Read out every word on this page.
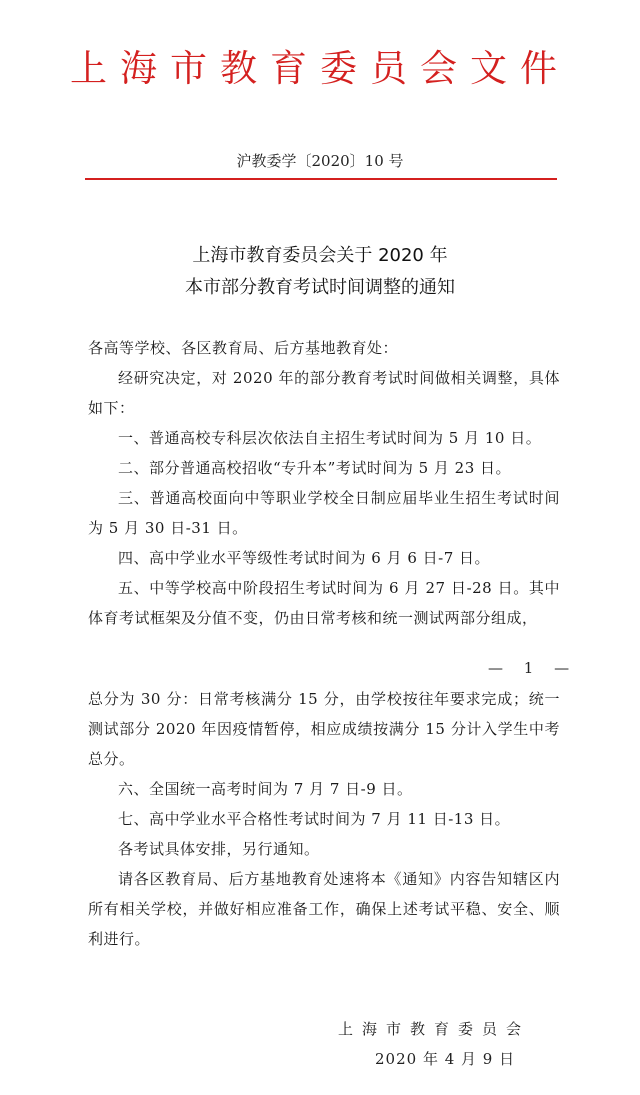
上海市教育委员会文件
沪教委学〔2020〕10 号
上海市教育委员会关于 2020 年
本市部分教育考试时间调整的通知
各高等学校、各区教育局、后方基地教育处：
经研究决定，对 2020 年的部分教育考试时间做相关调整，具体如下：
一、普通高校专科层次依法自主招生考试时间为 5 月 10 日。
二、部分普通高校招收“专升本”考试时间为 5 月 23 日。
三、普通高校面向中等职业学校全日制应届毕业生招生考试时间为 5 月 30 日-31 日。
四、高中学业水平等级性考试时间为 6 月 6 日-7 日。
五、中等学校高中阶段招生考试时间为 6 月 27 日-28 日。其中体育考试框架及分值不变，仍由日常考核和统一测试两部分组成，
— 1 —
总分为 30 分：日常考核满分 15 分，由学校按往年要求完成；统一测试部分 2020 年因疫情暂停，相应成绩按满分 15 分计入学生中考总分。
六、全国统一高考时间为 7 月 7 日-9 日。
七、高中学业水平合格性考试时间为 7 月 11 日-13 日。
各考试具体安排，另行通知。
请各区教育局、后方基地教育处速将本《通知》内容告知辖区内所有相关学校，并做好相应准备工作，确保上述考试平稳、安全、顺利进行。
上海市教育委员会
2020 年 4 月 9 日
